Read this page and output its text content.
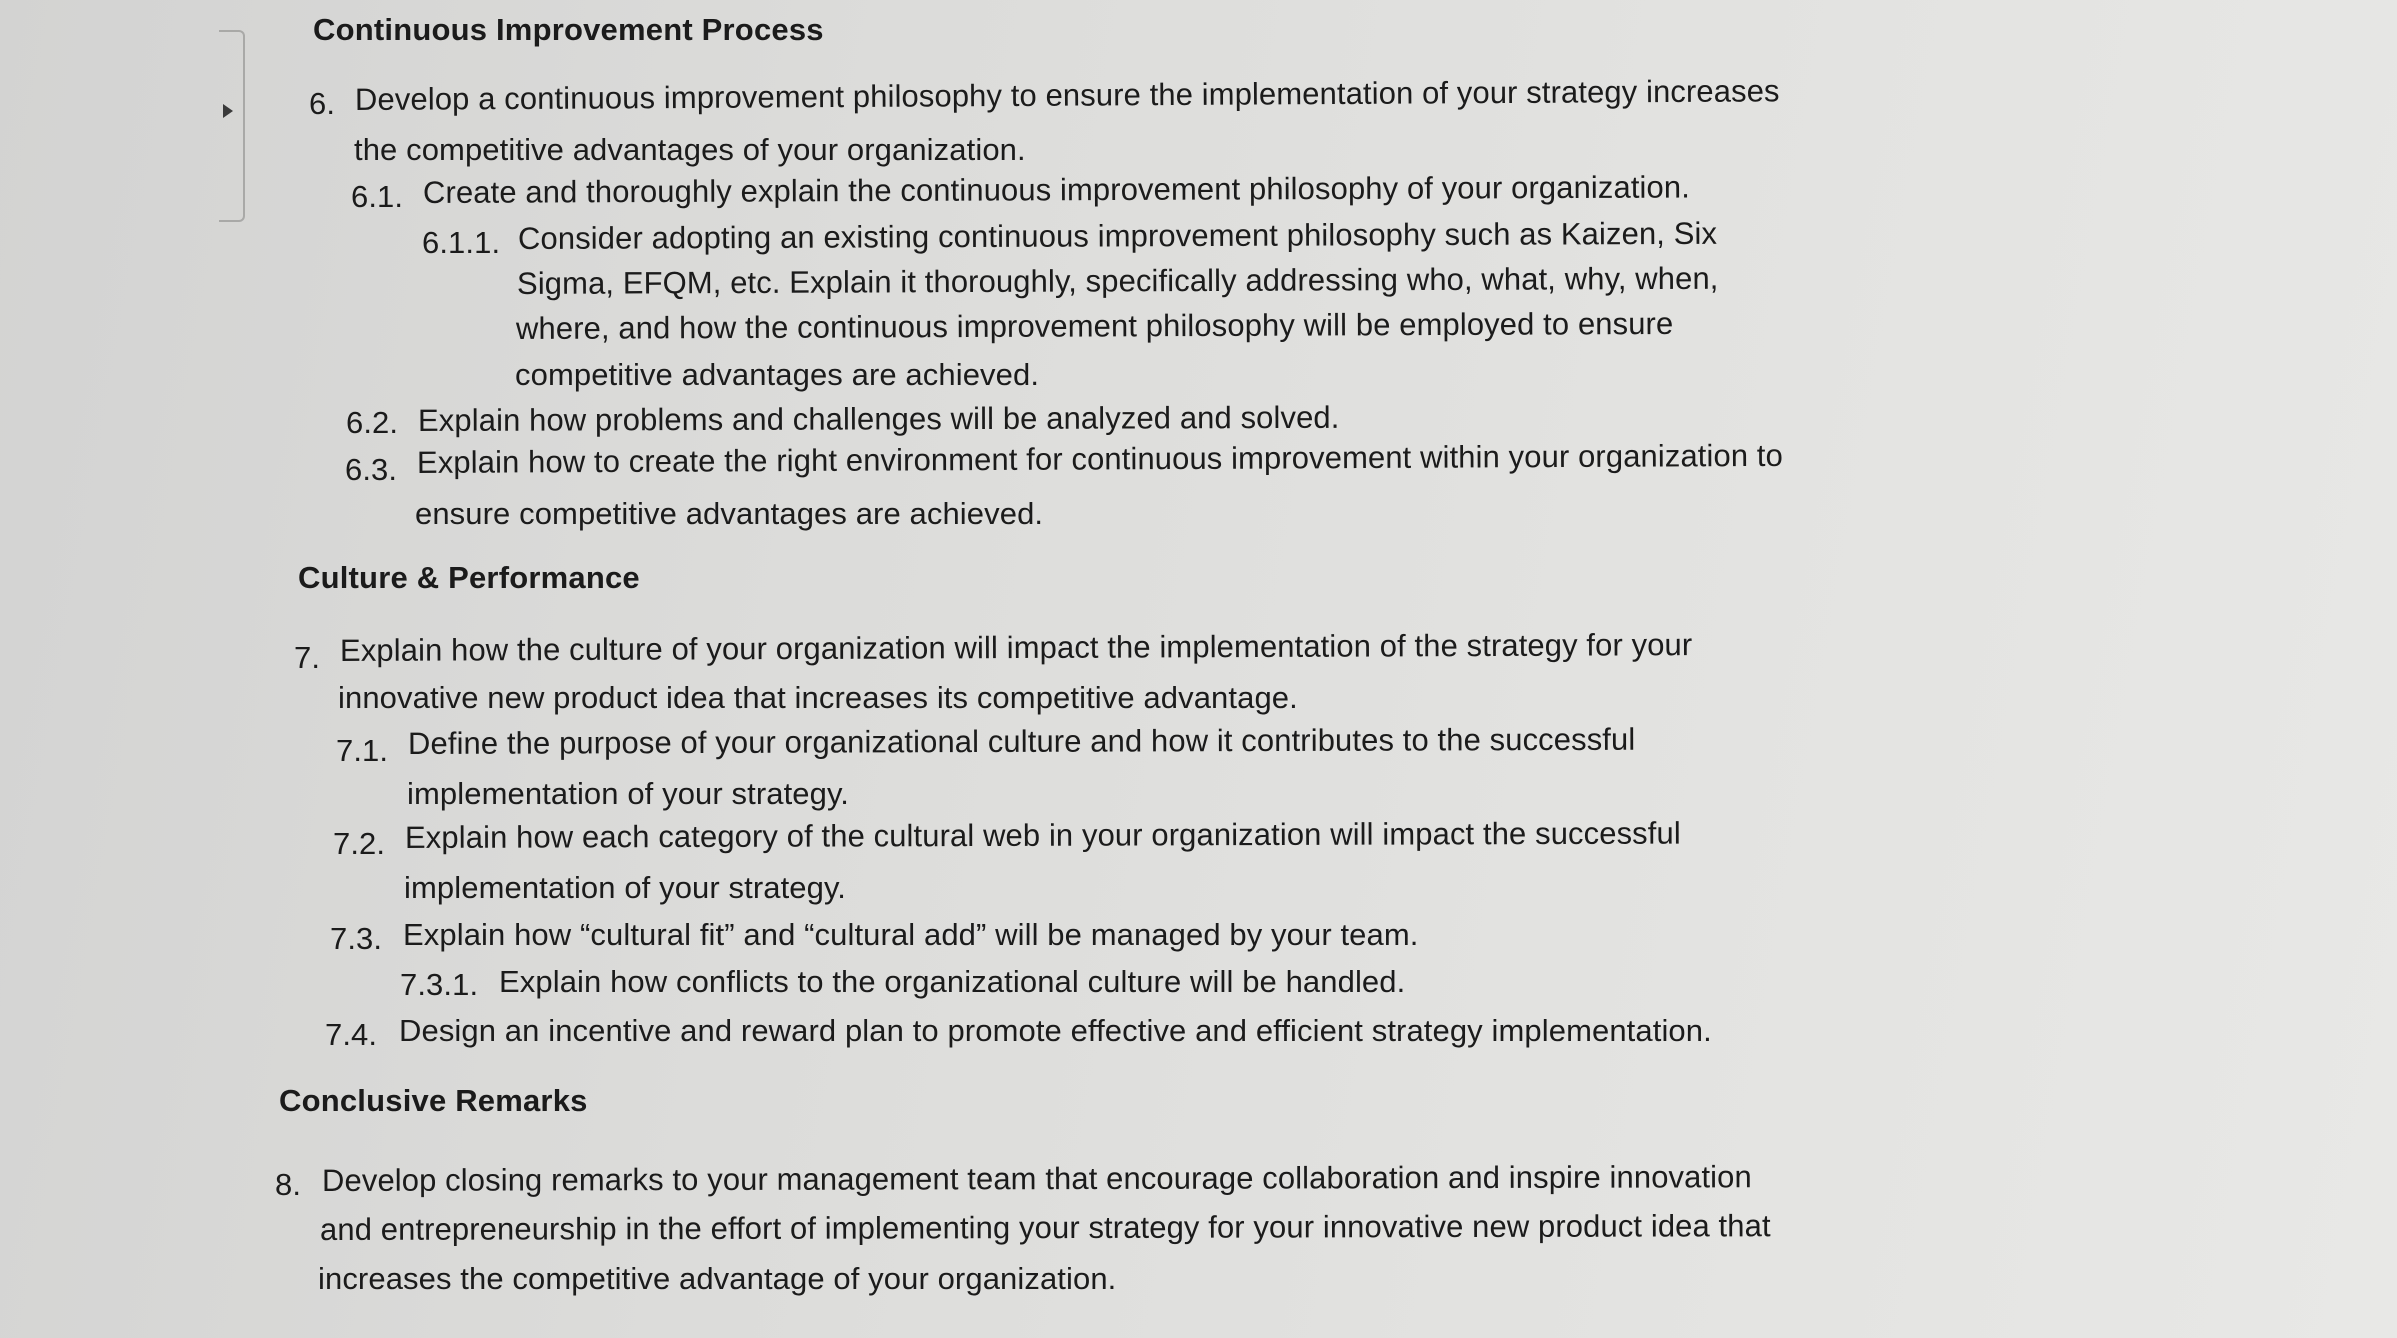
Continuous Improvement Process
6. Develop a continuous improvement philosophy to ensure the implementation of your strategy increases
the competitive advantages of your organization.
6.1. Create and thoroughly explain the continuous improvement philosophy of your organization.
6.1.1. Consider adopting an existing continuous improvement philosophy such as Kaizen, Six
Sigma, EFQM, etc. Explain it thoroughly, specifically addressing who, what, why, when,
where, and how the continuous improvement philosophy will be employed to ensure
competitive advantages are achieved.
6.2. Explain how problems and challenges will be analyzed and solved.
6.3. Explain how to create the right environment for continuous improvement within your organization to
ensure competitive advantages are achieved.
Culture & Performance
7. Explain how the culture of your organization will impact the implementation of the strategy for your
innovative new product idea that increases its competitive advantage.
7.1. Define the purpose of your organizational culture and how it contributes to the successful
implementation of your strategy.
7.2. Explain how each category of the cultural web in your organization will impact the successful
implementation of your strategy.
7.3. Explain how “cultural fit” and “cultural add” will be managed by your team.
7.3.1. Explain how conflicts to the organizational culture will be handled.
7.4. Design an incentive and reward plan to promote effective and efficient strategy implementation.
Conclusive Remarks
8. Develop closing remarks to your management team that encourage collaboration and inspire innovation
and entrepreneurship in the effort of implementing your strategy for your innovative new product idea that
increases the competitive advantage of your organization.
